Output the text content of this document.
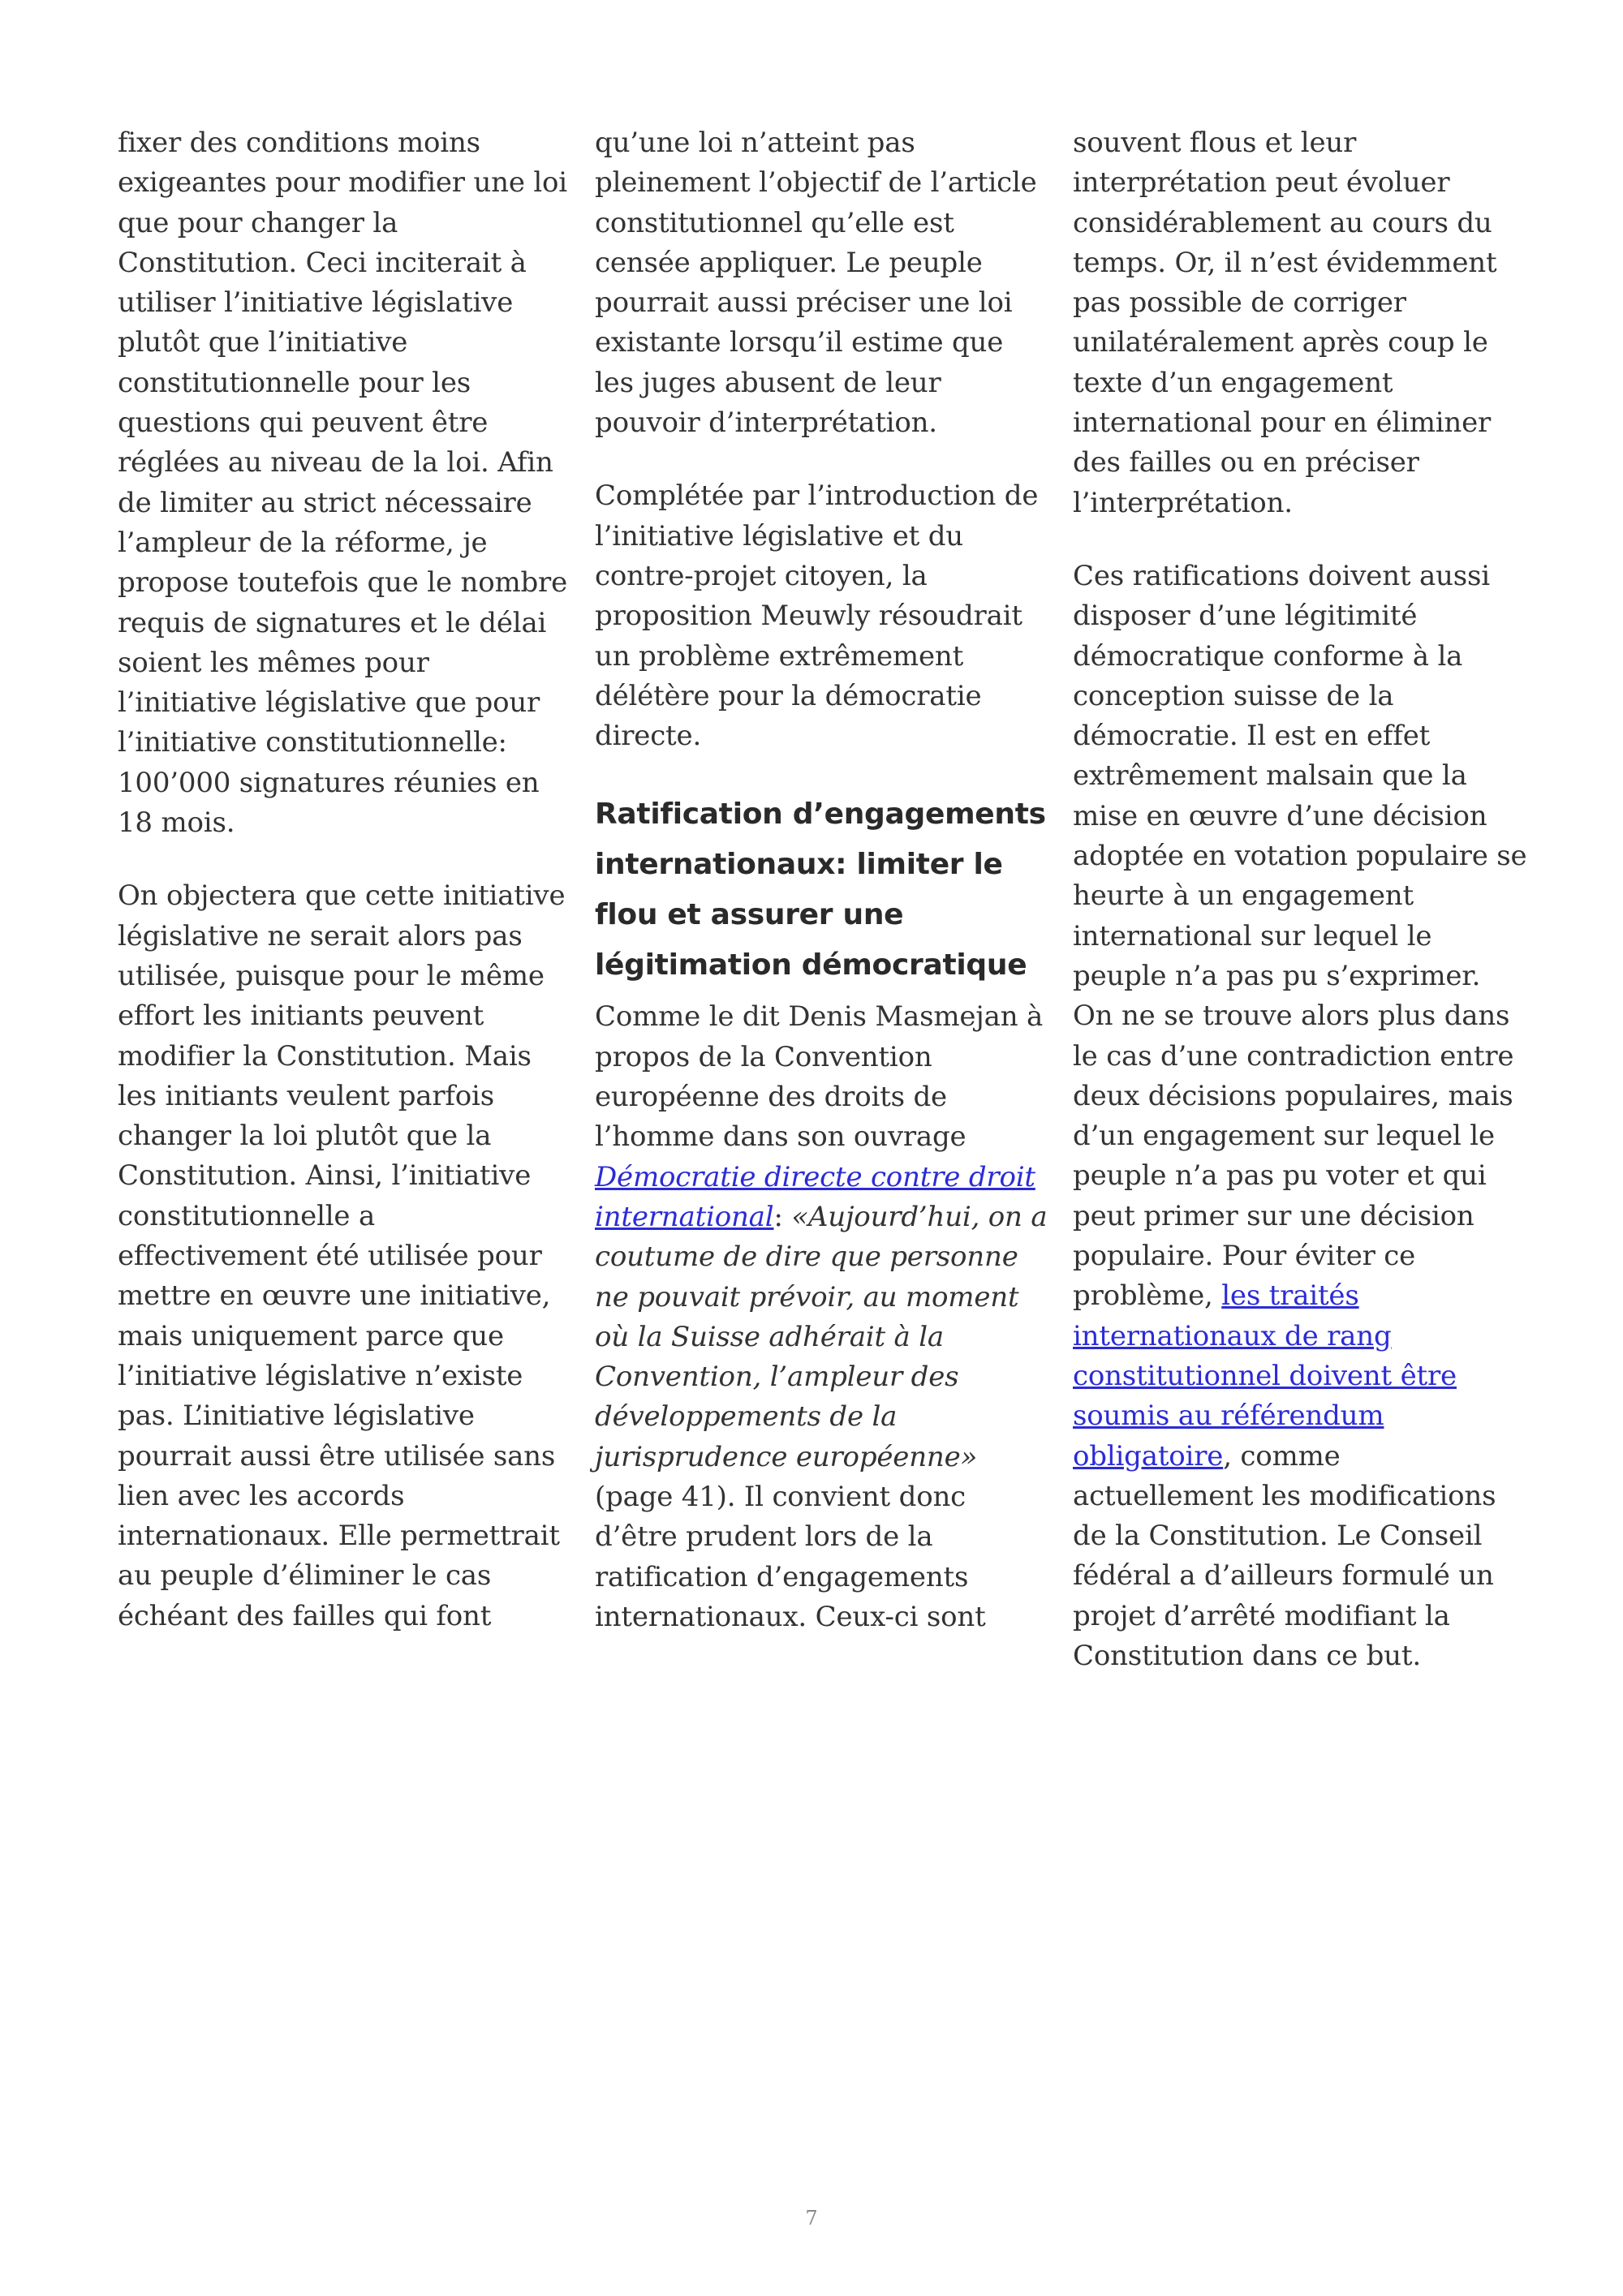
fixer des conditions moins exigeantes pour modifier une loi que pour changer la Constitution. Ceci inciterait à utiliser l’initiative législative plutôt que l’initiative constitutionnelle pour les questions qui peuvent être réglées au niveau de la loi. Afin de limiter au strict nécessaire l’ampleur de la réforme, je propose toutefois que le nombre requis de signatures et le délai soient les mêmes pour l’initiative législative que pour l’initiative constitutionnelle: 100’000 signatures réunies en 18 mois.

On objectera que cette initiative législative ne serait alors pas utilisée, puisque pour le même effort les initiants peuvent modifier la Constitution. Mais les initiants veulent parfois changer la loi plutôt que la Constitution. Ainsi, l’initiative constitutionnelle a effectivement été utilisée pour mettre en œuvre une initiative, mais uniquement parce que l’initiative législative n’existe pas. L’initiative législative pourrait aussi être utilisée sans lien avec les accords internationaux. Elle permettrait au peuple d’éliminer le cas échéant des failles qui font

qu’une loi n’atteint pas pleinement l’objectif de l’article constitutionnel qu’elle est censée appliquer. Le peuple pourrait aussi préciser une loi existante lorsqu’il estime que les juges abusent de leur pouvoir d’interprétation.

Complétée par l’introduction de l’initiative législative et du contre-projet citoyen, la proposition Meuwly résoudrait un problème extrêmement délétère pour la démocratie directe.

Ratification d’engagements internationaux: limiter le flou et assurer une légitimation démocratique

Comme le dit Denis Masmejan à propos de la Convention européenne des droits de l’homme dans son ouvrage Démocratie directe contre droit international: «Aujourd’hui, on a coutume de dire que personne ne pouvait prévoir, au moment où la Suisse adhérait à la Convention, l’ampleur des développements de la jurisprudence européenne» (page 41). Il convient donc d’être prudent lors de la ratification d’engagements internationaux. Ceux-ci sont

souvent flous et leur interprétation peut évoluer considérablement au cours du temps. Or, il n’est évidemment pas possible de corriger unilatéralement après coup le texte d’un engagement international pour en éliminer des failles ou en préciser l’interprétation.

Ces ratifications doivent aussi disposer d’une légitimité démocratique conforme à la conception suisse de la démocratie. Il est en effet extrêmement malsain que la mise en œuvre d’une décision adoptée en votation populaire se heurte à un engagement international sur lequel le peuple n’a pas pu s’exprimer. On ne se trouve alors plus dans le cas d’une contradiction entre deux décisions populaires, mais d’un engagement sur lequel le peuple n’a pas pu voter et qui peut primer sur une décision populaire. Pour éviter ce problème, les traités internationaux de rang constitutionnel doivent être soumis au référendum obligatoire, comme actuellement les modifications de la Constitution. Le Conseil fédéral a d’ailleurs formulé un projet d’arrêté modifiant la Constitution dans ce but.

7
